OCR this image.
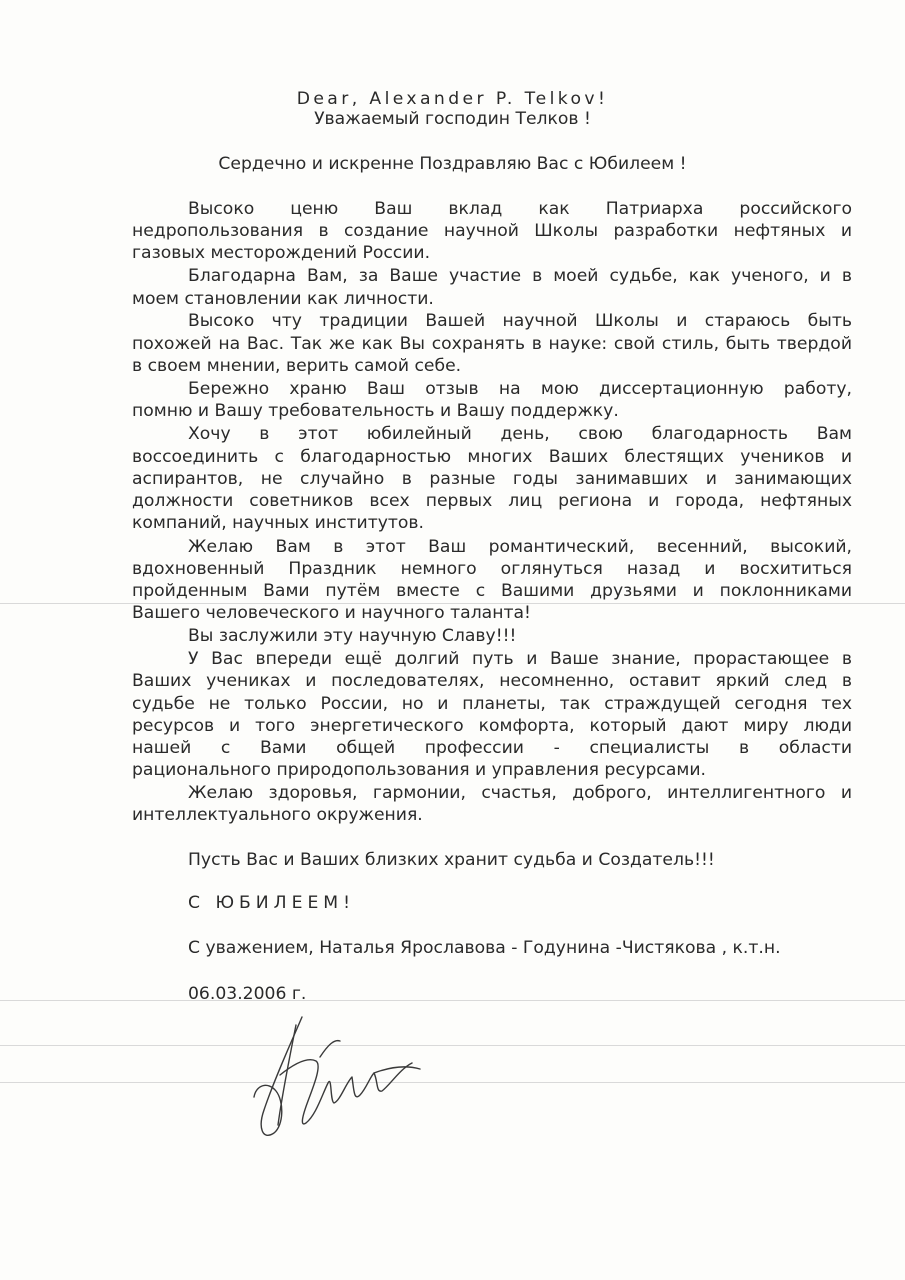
Dear, Alexander P. Telkov!
Уважаемый господин Телков !
Сердечно и искренне Поздравляю Вас с Юбилеем !
Высоко ценю Ваш вклад как Патриарха российского
недропользования в создание научной Школы разработки нефтяных и
газовых месторождений России.
Благодарна Вам, за Ваше участие в моей судьбе, как ученого, и в
моем становлении как личности.
Высоко чту традиции Вашей научной Школы и стараюсь быть
похожей на Вас. Так же как Вы сохранять в науке: свой стиль, быть твердой
в своем мнении, верить самой себе.
Бережно храню Ваш отзыв на мою диссертационную работу,
помню и Вашу требовательность и Вашу поддержку.
Хочу в этот юбилейный день, свою благодарность Вам
воссоединить с благодарностью многих Ваших блестящих учеников и
аспирантов, не случайно в разные годы занимавших и занимающих
должности советников всех первых лиц региона и города, нефтяных
компаний, научных институтов.
Желаю Вам в этот Ваш романтический, весенний, высокий,
вдохновенный Праздник немного оглянуться назад и восхититься
пройденным Вами путём вместе с Вашими друзьями и поклонниками
Вашего человеческого и научного таланта!
Вы заслужили эту научную Славу!!!
У Вас впереди ещё долгий путь и Ваше знание, прорастающее в
Ваших учениках и последователях, несомненно, оставит яркий след в
судьбе не только России, но и планеты, так страждущей сегодня тех
ресурсов и того энергетического комфорта, который дают миру люди
нашей с Вами общей профессии - специалисты в области
рационального природопользования и управления ресурсами.
Желаю здоровья, гармонии, счастья, доброго, интеллигентного и
интеллектуального окружения.
Пусть Вас и Ваших близких хранит судьба и Создатель!!!
С ЮБИЛЕЕМ!
С уважением, Наталья Ярославова - Годунина -Чистякова , к.т.н.
06.03.2006 г.
